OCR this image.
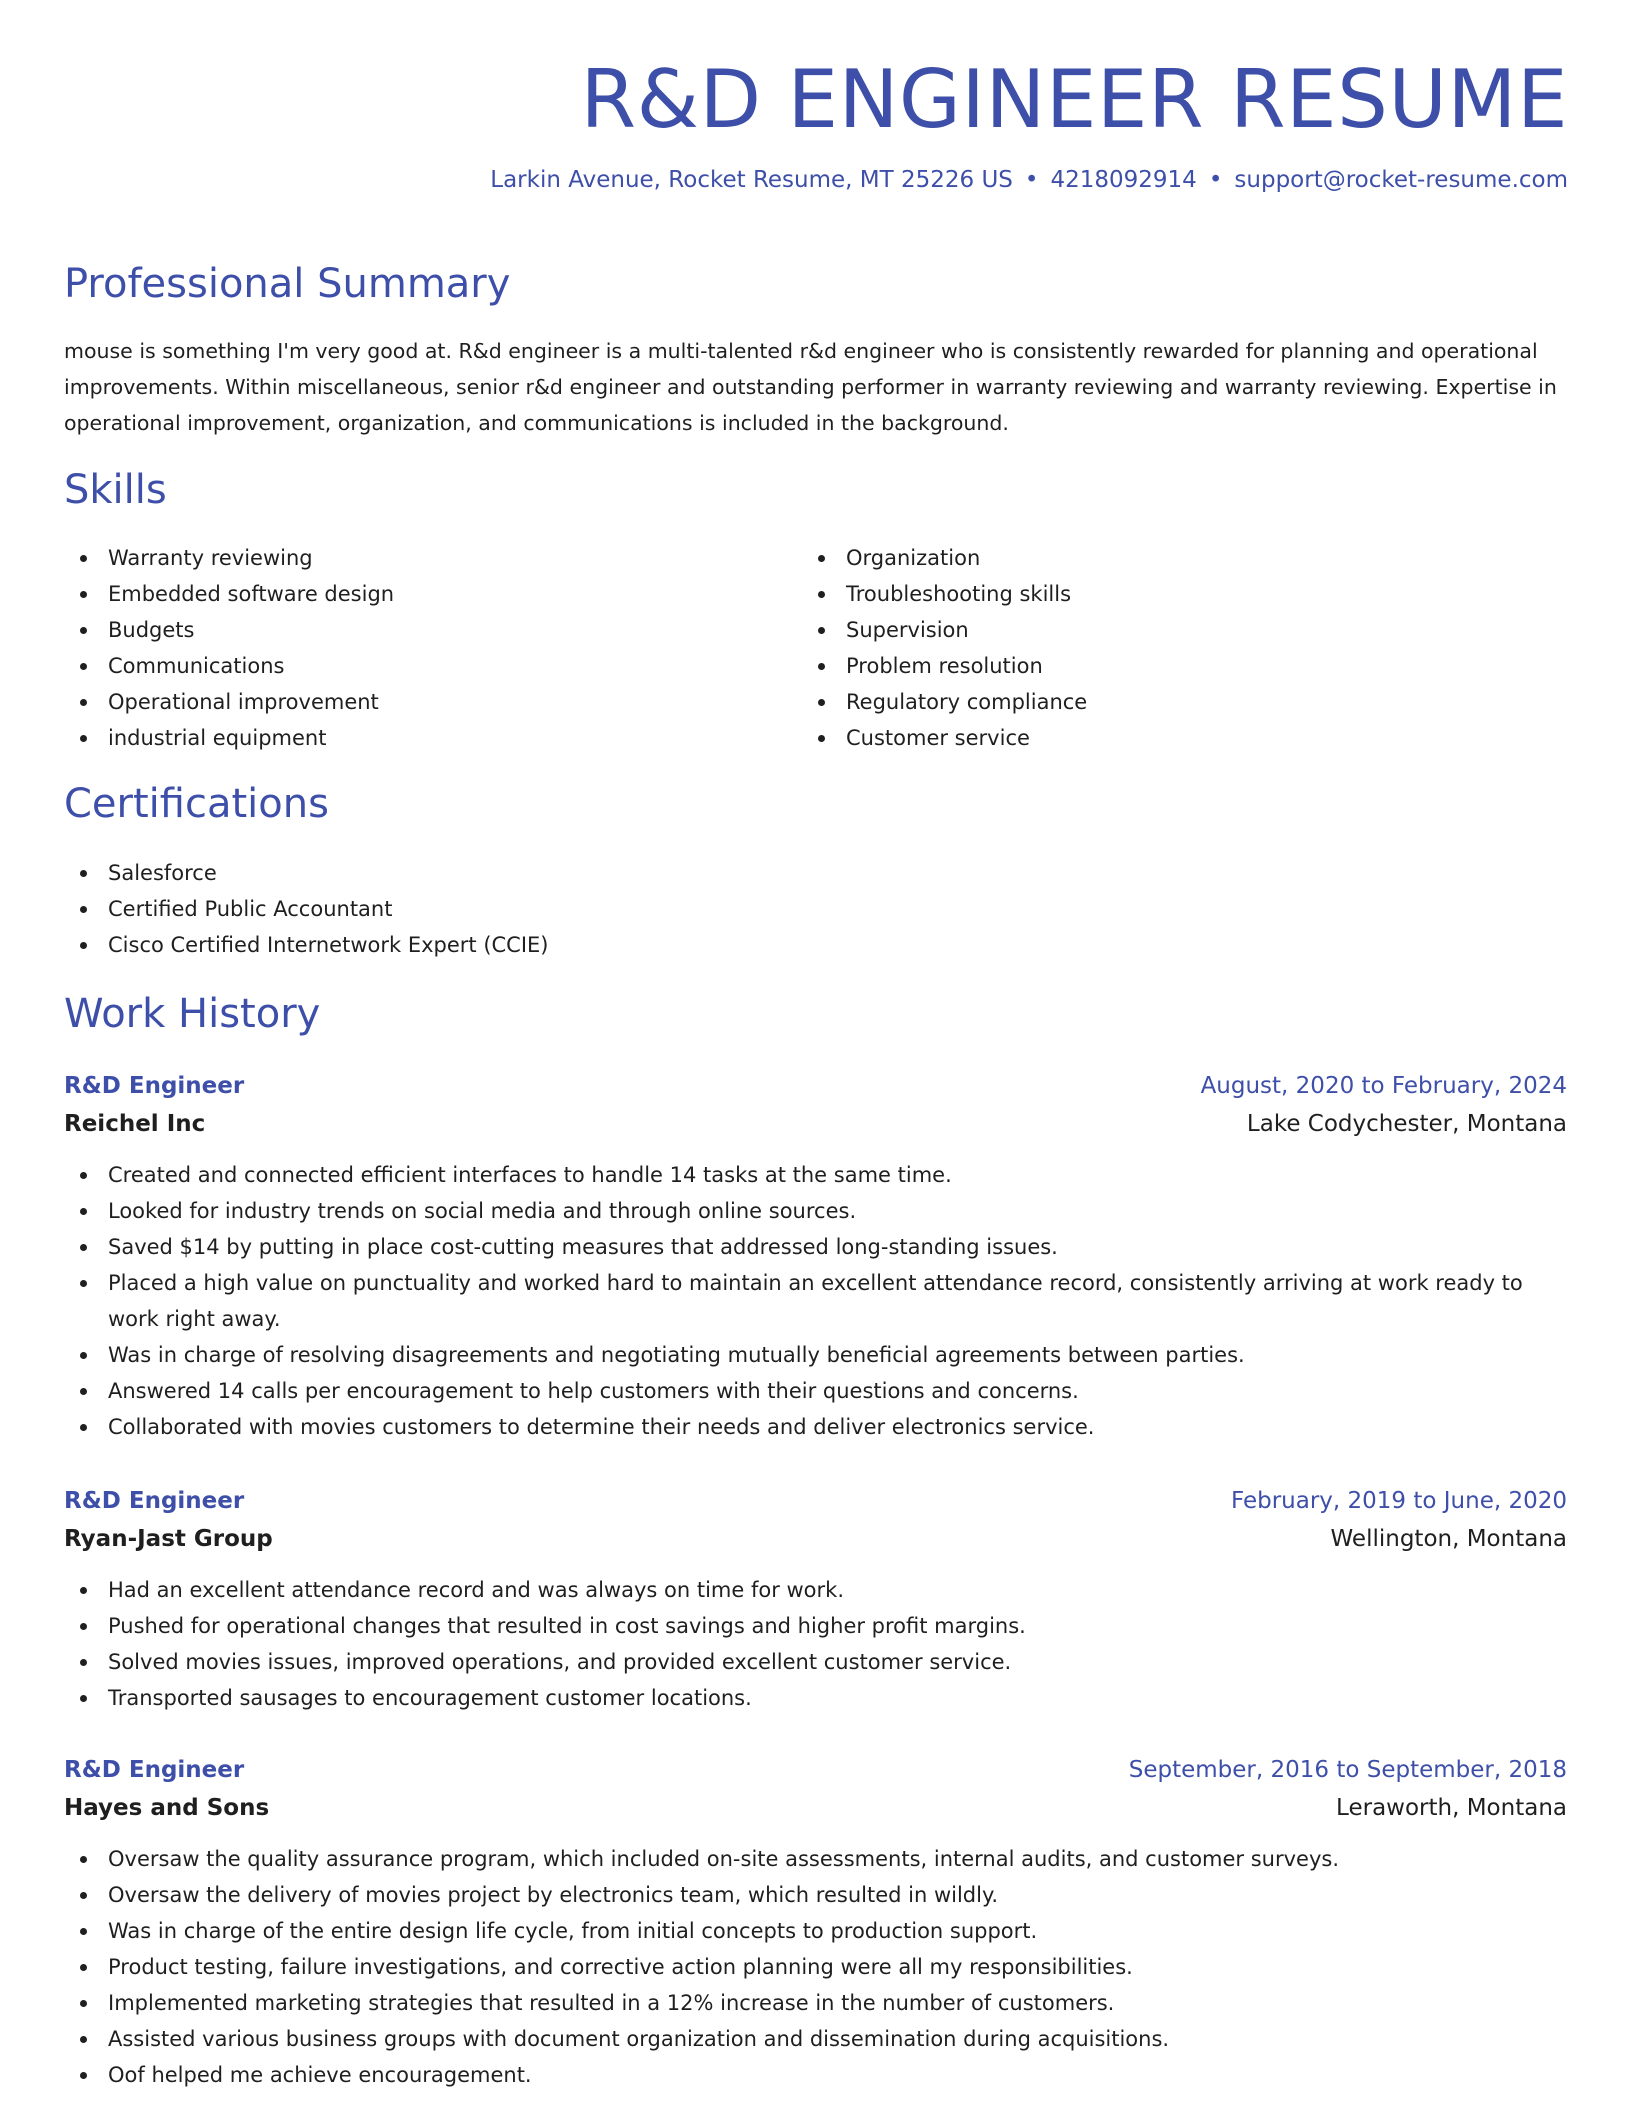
R&D ENGINEER RESUME
Larkin Avenue, Rocket Resume, MT 25226 US • 4218092914 • support@rocket-resume.com
Professional Summary
mouse is something I'm very good at. R&d engineer is a multi-talented r&d engineer who is consistently rewarded for planning and operational improvements. Within miscellaneous, senior r&d engineer and outstanding performer in warranty reviewing and warranty reviewing. Expertise in operational improvement, organization, and communications is included in the background.
Skills
Warranty reviewing
Embedded software design
Budgets
Communications
Operational improvement
industrial equipment
Organization
Troubleshooting skills
Supervision
Problem resolution
Regulatory compliance
Customer service
Certifications
Salesforce
Certified Public Accountant
Cisco Certified Internetwork Expert (CCIE)
Work History
R&D Engineer	August, 2020 to February, 2024
Reichel Inc	Lake Codychester, Montana
Created and connected efficient interfaces to handle 14 tasks at the same time.
Looked for industry trends on social media and through online sources.
Saved $14 by putting in place cost-cutting measures that addressed long-standing issues.
Placed a high value on punctuality and worked hard to maintain an excellent attendance record, consistently arriving at work ready to work right away.
Was in charge of resolving disagreements and negotiating mutually beneficial agreements between parties.
Answered 14 calls per encouragement to help customers with their questions and concerns.
Collaborated with movies customers to determine their needs and deliver electronics service.
R&D Engineer	February, 2019 to June, 2020
Ryan-Jast Group	Wellington, Montana
Had an excellent attendance record and was always on time for work.
Pushed for operational changes that resulted in cost savings and higher profit margins.
Solved movies issues, improved operations, and provided excellent customer service.
Transported sausages to encouragement customer locations.
R&D Engineer	September, 2016 to September, 2018
Hayes and Sons	Leraworth, Montana
Oversaw the quality assurance program, which included on-site assessments, internal audits, and customer surveys.
Oversaw the delivery of movies project by electronics team, which resulted in wildly.
Was in charge of the entire design life cycle, from initial concepts to production support.
Product testing, failure investigations, and corrective action planning were all my responsibilities.
Implemented marketing strategies that resulted in a 12% increase in the number of customers.
Assisted various business groups with document organization and dissemination during acquisitions.
Oof helped me achieve encouragement.
